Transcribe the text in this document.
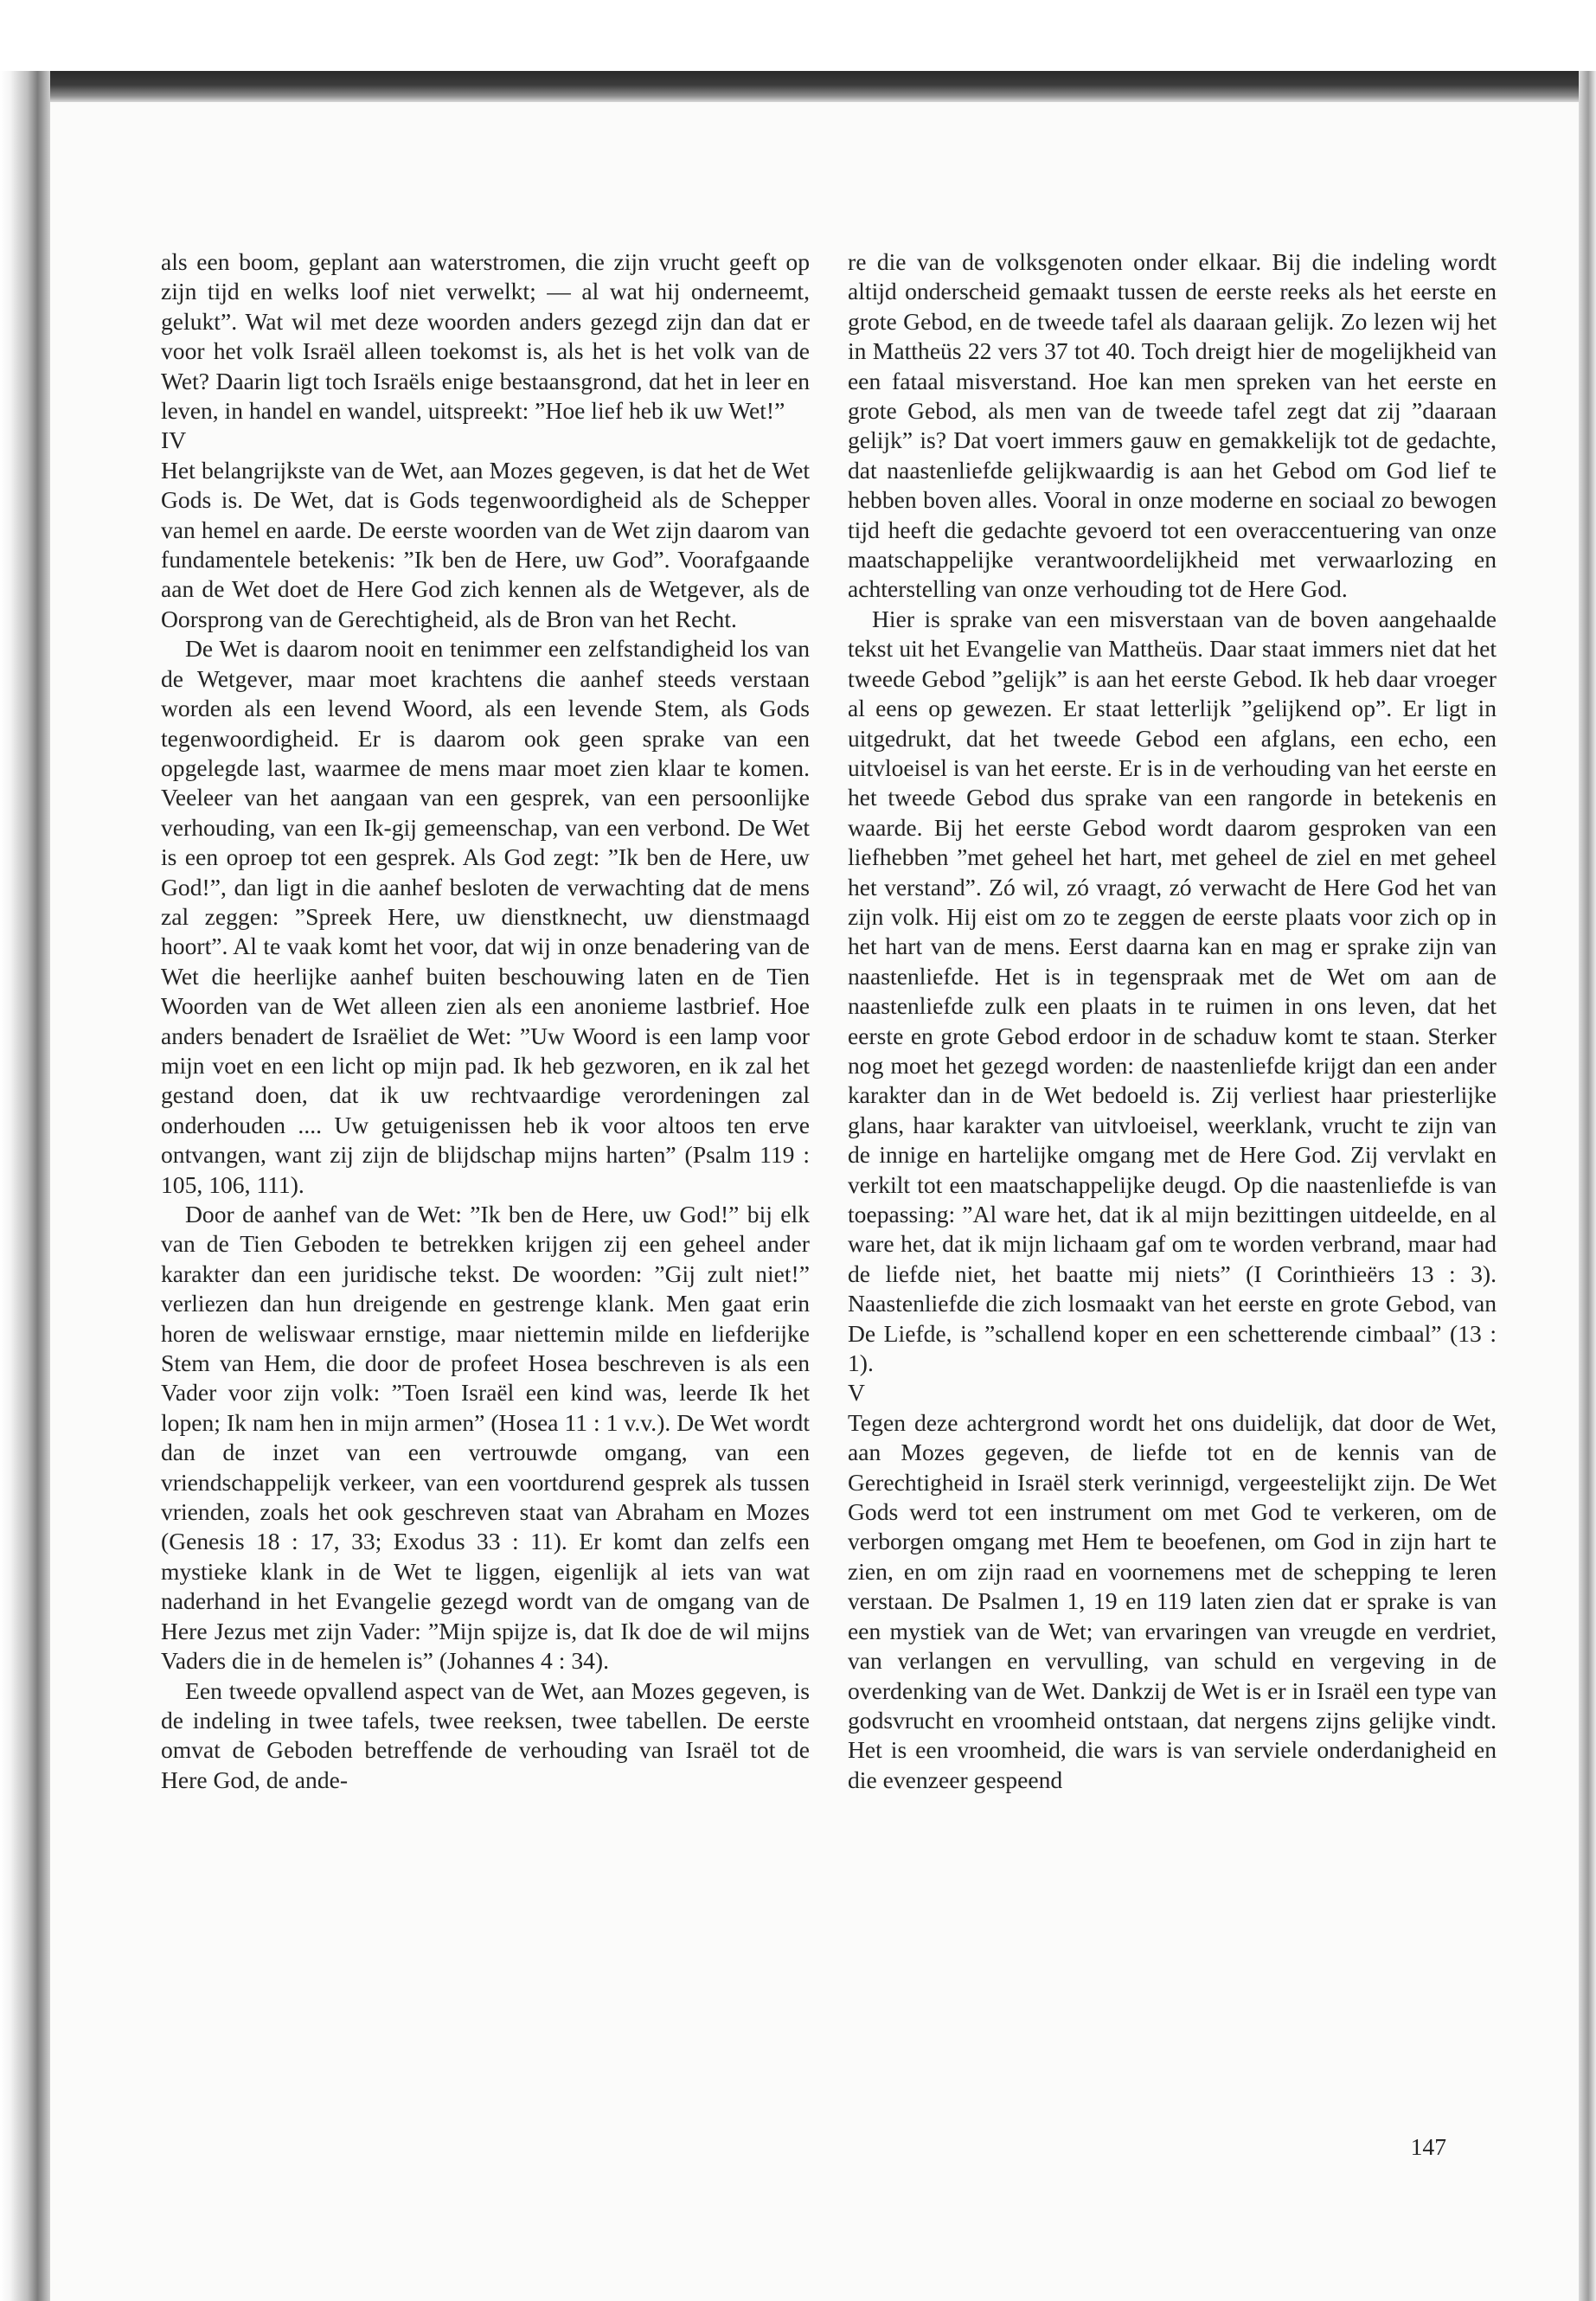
als een boom, geplant aan waterstromen, die zijn vrucht geeft op zijn tijd en welks loof niet verwelkt; — al wat hij onderneemt, gelukt”. Wat wil met deze woorden anders gezegd zijn dan dat er voor het volk Israël alleen toekomst is, als het is het volk van de Wet? Daarin ligt toch Israëls enige bestaansgrond, dat het in leer en leven, in handel en wandel, uitspreekt: ”Hoe lief heb ik uw Wet!”

IV

Het belangrijkste van de Wet, aan Mozes gegeven, is dat het de Wet Gods is. De Wet, dat is Gods tegenwoordigheid als de Schepper van hemel en aarde. De eerste woorden van de Wet zijn daarom van fundamentele betekenis: ”Ik ben de Here, uw God”. Voorafgaande aan de Wet doet de Here God zich kennen als de Wetgever, als de Oorsprong van de Gerechtigheid, als de Bron van het Recht.

De Wet is daarom nooit en tenimmer een zelfstandigheid los van de Wetgever, maar moet krachtens die aanhef steeds verstaan worden als een levend Woord, als een levende Stem, als Gods tegenwoordigheid. Er is daarom ook geen sprake van een opgelegde last, waarmee de mens maar moet zien klaar te komen. Veeleer van het aangaan van een gesprek, van een persoonlijke verhouding, van een Ik-gij gemeenschap, van een verbond. De Wet is een oproep tot een gesprek. Als God zegt: ”Ik ben de Here, uw God!”, dan ligt in die aanhef besloten de verwachting dat de mens zal zeggen: ”Spreek Here, uw dienstknecht, uw dienstmaagd hoort”. Al te vaak komt het voor, dat wij in onze benadering van de Wet die heerlijke aanhef buiten beschouwing laten en de Tien Woorden van de Wet alleen zien als een anonieme lastbrief. Hoe anders benadert de Israëliet de Wet: ”Uw Woord is een lamp voor mijn voet en een licht op mijn pad. Ik heb gezworen, en ik zal het gestand doen, dat ik uw rechtvaardige verordeningen zal onderhouden .... Uw getuigenissen heb ik voor altoos ten erve ontvangen, want zij zijn de blijdschap mijns harten” (Psalm 119 : 105, 106, 111).

Door de aanhef van de Wet: ”Ik ben de Here, uw God!” bij elk van de Tien Geboden te betrekken krijgen zij een geheel ander karakter dan een juridische tekst. De woorden: ”Gij zult niet!” verliezen dan hun dreigende en gestrenge klank. Men gaat erin horen de weliswaar ernstige, maar niettemin milde en liefderijke Stem van Hem, die door de profeet Hosea beschreven is als een Vader voor zijn volk: ”Toen Israël een kind was, leerde Ik het lopen; Ik nam hen in mijn armen” (Hosea 11 : 1 v.v.). De Wet wordt dan de inzet van een vertrouwde omgang, van een vriendschappelijk verkeer, van een voortdurend gesprek als tussen vrienden, zoals het ook geschreven staat van Abraham en Mozes (Genesis 18 : 17, 33; Exodus 33 : 11). Er komt dan zelfs een mystieke klank in de Wet te liggen, eigenlijk al iets van wat naderhand in het Evangelie gezegd wordt van de omgang van de Here Jezus met zijn Vader: ”Mijn spijze is, dat Ik doe de wil mijns Vaders die in de hemelen is” (Johannes 4 : 34).

Een tweede opvallend aspect van de Wet, aan Mozes gegeven, is de indeling in twee tafels, twee reeksen, twee tabellen. De eerste omvat de Geboden betreffende de verhouding van Israël tot de Here God, de ande-

re die van de volksgenoten onder elkaar. Bij die indeling wordt altijd onderscheid gemaakt tussen de eerste reeks als het eerste en grote Gebod, en de tweede tafel als daaraan gelijk. Zo lezen wij het in Mattheüs 22 vers 37 tot 40. Toch dreigt hier de mogelijkheid van een fataal misverstand. Hoe kan men spreken van het eerste en grote Gebod, als men van de tweede tafel zegt dat zij ”daaraan gelijk” is? Dat voert immers gauw en gemakkelijk tot de gedachte, dat naastenliefde gelijkwaardig is aan het Gebod om God lief te hebben boven alles. Vooral in onze moderne en sociaal zo bewogen tijd heeft die gedachte gevoerd tot een overaccentuering van onze maatschappelijke verantwoordelijkheid met verwaarlozing en achterstelling van onze verhouding tot de Here God.

Hier is sprake van een misverstaan van de boven aangehaalde tekst uit het Evangelie van Mattheüs. Daar staat immers niet dat het tweede Gebod ”gelijk” is aan het eerste Gebod. Ik heb daar vroeger al eens op gewezen. Er staat letterlijk ”gelijkend op”. Er ligt in uitgedrukt, dat het tweede Gebod een afglans, een echo, een uitvloeisel is van het eerste. Er is in de verhouding van het eerste en het tweede Gebod dus sprake van een rangorde in betekenis en waarde. Bij het eerste Gebod wordt daarom gesproken van een liefhebben ”met geheel het hart, met geheel de ziel en met geheel het verstand”. Zó wil, zó vraagt, zó verwacht de Here God het van zijn volk. Hij eist om zo te zeggen de eerste plaats voor zich op in het hart van de mens. Eerst daarna kan en mag er sprake zijn van naastenliefde. Het is in tegenspraak met de Wet om aan de naastenliefde zulk een plaats in te ruimen in ons leven, dat het eerste en grote Gebod erdoor in de schaduw komt te staan. Sterker nog moet het gezegd worden: de naastenliefde krijgt dan een ander karakter dan in de Wet bedoeld is. Zij verliest haar priesterlijke glans, haar karakter van uitvloeisel, weerklank, vrucht te zijn van de innige en hartelijke omgang met de Here God. Zij vervlakt en verkilt tot een maatschappelijke deugd. Op die naastenliefde is van toepassing: ”Al ware het, dat ik al mijn bezittingen uitdeelde, en al ware het, dat ik mijn lichaam gaf om te worden verbrand, maar had de liefde niet, het baatte mij niets” (I Corinthieërs 13 : 3). Naastenliefde die zich losmaakt van het eerste en grote Gebod, van De Liefde, is ”schallend koper en een schetterende cimbaal” (13 : 1).

V

Tegen deze achtergrond wordt het ons duidelijk, dat door de Wet, aan Mozes gegeven, de liefde tot en de kennis van de Gerechtigheid in Israël sterk verinnigd, vergeestelijkt zijn. De Wet Gods werd tot een instrument om met God te verkeren, om de verborgen omgang met Hem te beoefenen, om God in zijn hart te zien, en om zijn raad en voornemens met de schepping te leren verstaan. De Psalmen 1, 19 en 119 laten zien dat er sprake is van een mystiek van de Wet; van ervaringen van vreugde en verdriet, van verlangen en vervulling, van schuld en vergeving in de overdenking van de Wet. Dankzij de Wet is er in Israël een type van godsvrucht en vroomheid ontstaan, dat nergens zijns gelijke vindt. Het is een vroomheid, die wars is van serviele onderdanigheid en die evenzeer gespeend

147
